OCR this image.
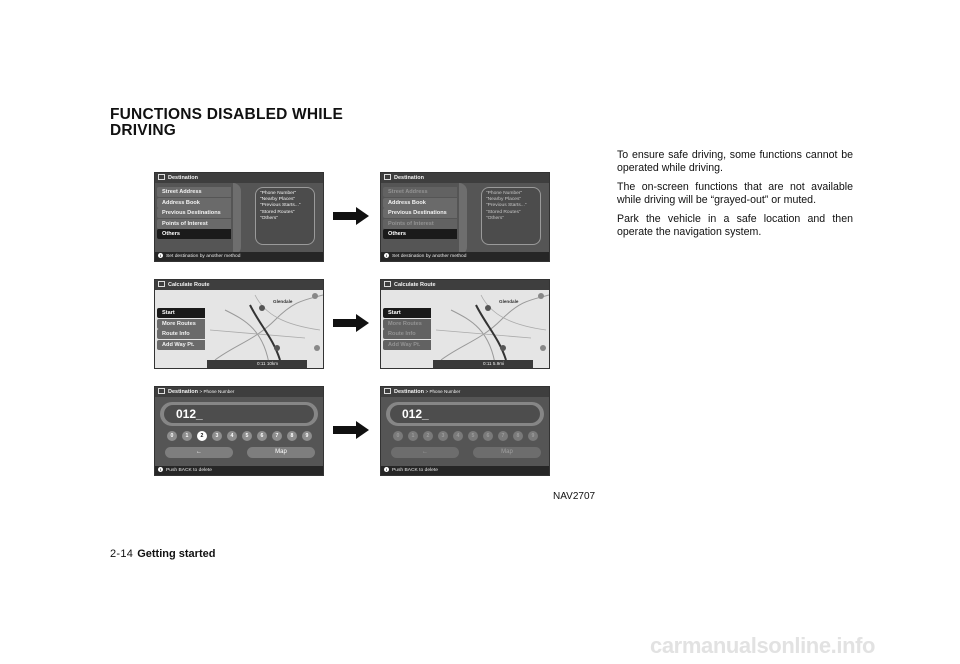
FUNCTIONS DISABLED WHILE
DRIVING
Destination
Street Address
Address Book
Previous Destinations
Points of Interest
Others
“Phone Number”
“Nearby Places”
“Previous Starts...”
“Stored Routes”
“Others”
i Set destination by another method
Destination
Street Address
Address Book
Previous Destinations
Points of Interest
Others
“Phone Number”
“Nearby Places”
“Previous Starts...”
“Stored Routes”
“Others”
i Set destination by another method
Glendale
Calculate Route
Start
More Routes
Route Info
Add Way Pt.
0:11 10km
Glendale
Calculate Route
Start
More Routes
Route Info
Add Way Pt.
0:11 5.9mi
Destination > Phone Number
012_
0	1	2	3	4	5	6	7	8	9
←	Map
i Push BACK to delete
Destination > Phone Number
012_
0	1	2	3	4	5	6	7	8	9
←	Map
i Push BACK to delete

To ensure safe driving, some functions cannot be operated while driving.

The on-screen functions that are not available while driving will be “grayed-out” or muted.

Park the vehicle in a safe location and then operate the navigation system.

NAV2707
2-14 Getting started
carmanualsonline.info
